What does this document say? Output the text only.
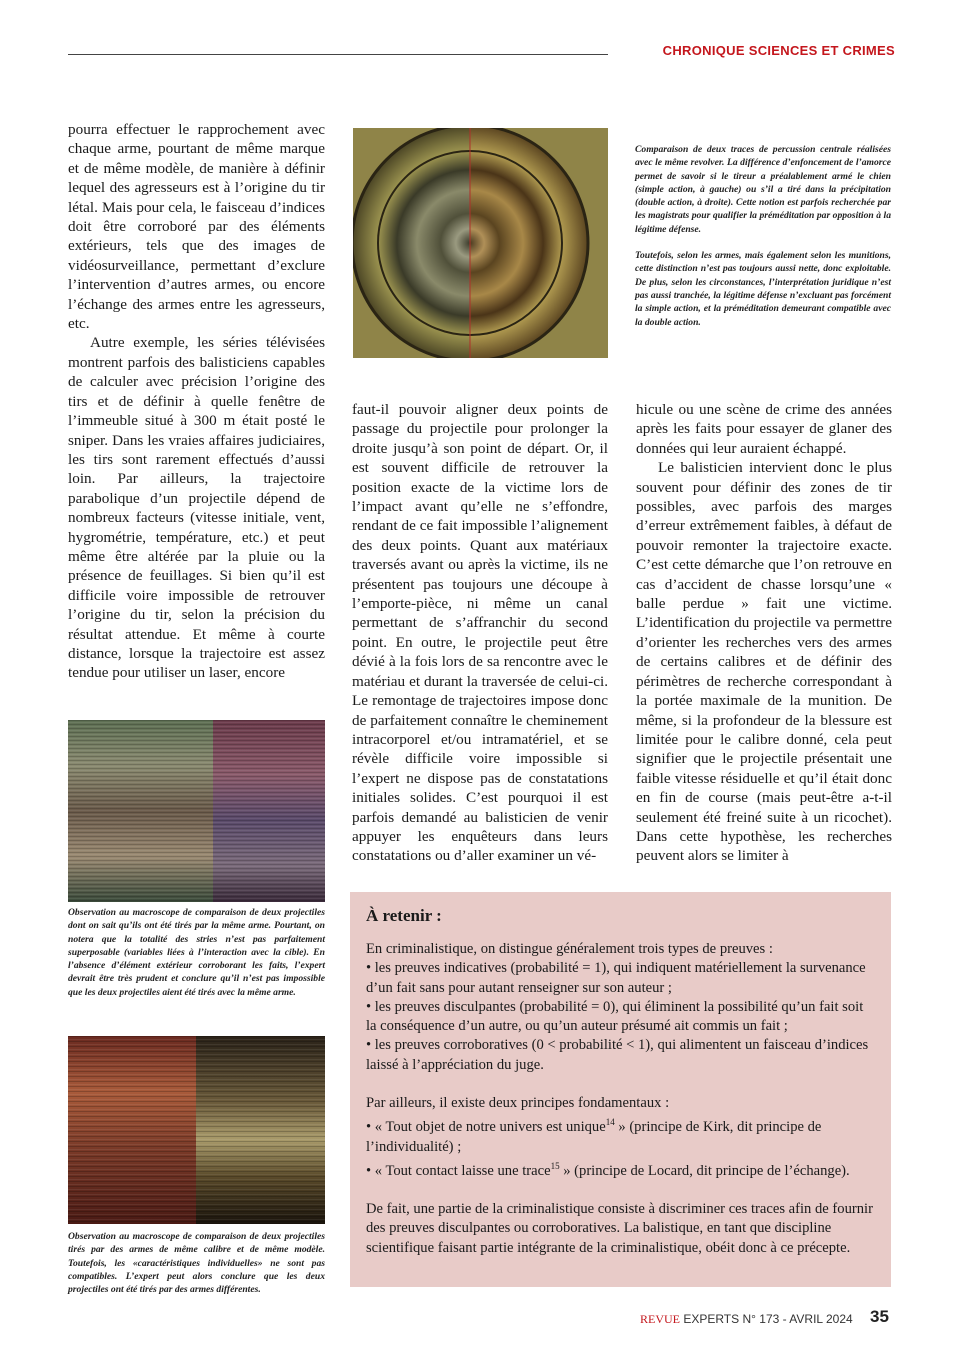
CHRONIQUE SCIENCES ET CRIMES

pourra effectuer le rapprochement avec chaque arme, pourtant de même marque et de même modèle, de manière à définir lequel des agresseurs est à l’origine du tir létal. Mais pour cela, le faisceau d’indices doit être corroboré par des éléments extérieurs, tels que des images de vidéosurveillance, permettant d’exclure l’intervention d’autres armes, ou encore l’échange des armes entre les agresseurs, etc.

Autre exemple, les séries télévisées montrent parfois des balisticiens capables de calculer avec précision l’origine des tirs et de définir à quelle fenêtre de l’immeuble situé à 300 m était posté le sniper. Dans les vraies affaires judiciaires, les tirs sont rarement effectués d’aussi loin. Par ailleurs, la trajectoire parabolique d’un projectile dépend de nombreux facteurs (vitesse initiale, vent, hygrométrie, température, etc.) et peut même être altérée par la pluie ou la présence de feuillages. Si bien qu’il est difficile voire impossible de retrouver l’origine du tir, selon la précision du résultat attendue. Et même à courte distance, lorsque la trajectoire est assez tendue pour utiliser un laser, encore

Comparaison de deux traces de percussion centrale réalisées avec le même revolver. La différence d’enfoncement de l’amorce permet de savoir si le tireur a préalablement armé le chien (simple action, à gauche) ou s’il a tiré dans la précipitation (double action, à droite). Cette notion est parfois recherchée par les magistrats pour qualifier la préméditation par opposition à la légitime défense.

Toutefois, selon les armes, mais également selon les munitions, cette distinction n’est pas toujours aussi nette, donc exploitable. De plus, selon les circonstances, l’interprétation juridique n’est pas aussi tranchée, la légitime défense n’excluant pas forcément la simple action, et la préméditation demeurant compatible avec la double action.

faut-il pouvoir aligner deux points de passage du projectile pour prolonger la droite jusqu’à son point de départ. Or, il est souvent difficile de retrouver la position exacte de la victime lors de l’impact avant qu’elle ne s’effondre, rendant de ce fait impossible l’alignement des deux points. Quant aux matériaux traversés avant ou après la victime, ils ne présentent pas toujours une découpe à l’emporte-pièce, ni même un canal permettant de s’affranchir du second point. En outre, le projectile peut être dévié à la fois lors de sa rencontre avec le matériau et durant la traversée de celui-ci. Le remontage de trajectoires impose donc de parfaitement connaître le cheminement intracorporel et/ou intramatériel, et se révèle difficile voire impossible si l’expert ne dispose pas de constatations initiales solides. C’est pourquoi il est parfois demandé au balisticien de venir appuyer les enquêteurs dans leurs constatations ou d’aller examiner un vé-

hicule ou une scène de crime des années après les faits pour essayer de glaner des données qui leur auraient échappé.

Le balisticien intervient donc le plus souvent pour définir des zones de tir possibles, avec parfois des marges d’erreur extrêmement faibles, à défaut de pouvoir remonter la trajectoire exacte. C’est cette démarche que l’on retrouve en cas d’accident de chasse lorsqu’une « balle perdue » fait une victime. L’identification du projectile va permettre d’orienter les recherches vers des armes de certains calibres et de définir des périmètres de recherche correspondant à la portée maximale de la munition. De même, si la profondeur de la blessure est limitée pour le calibre donné, cela peut signifier que le projectile présentait une faible vitesse résiduelle et qu’il était donc en fin de course (mais peut-être a-t-il seulement été freiné suite à un ricochet). Dans cette hypothèse, les recherches peuvent alors se limiter à

Observation au macroscope de comparaison de deux projectiles dont on sait qu’ils ont été tirés par la même arme. Pourtant, on notera que la totalité des stries n’est pas parfaitement superposable (variables liées à l’interaction avec la cible). En l’absence d’élément extérieur corroborant les faits, l’expert devrait être très prudent et conclure qu’il n’est pas impossible que les deux projectiles aient été tirés avec la même arme.

Observation au macroscope de comparaison de deux projectiles tirés par des armes de même calibre et de même modèle. Toutefois, les «caractéristiques individuelles» ne sont pas compatibles. L’expert peut alors conclure que les deux projectiles ont été tirés par des armes différentes.

À retenir :

En criminalistique, on distingue généralement trois types de preuves :

• les preuves indicatives (probabilité = 1), qui indiquent matériellement la survenance d’un fait sans pour autant renseigner sur son auteur ;

• les preuves disculpantes (probabilité = 0), qui éliminent la possibilité qu’un fait soit la conséquence d’un autre, ou qu’un auteur présumé ait commis un fait ;

• les preuves corroboratives (0 < probabilité < 1), qui alimentent un faisceau d’indices laissé à l’appréciation du juge.

Par ailleurs, il existe deux principes fondamentaux :

• « Tout objet de notre univers est unique$^{14}$ » (principe de Kirk, dit principe de l’individualité) ;

• « Tout contact laisse une trace$^{15}$ » (principe de Locard, dit principe de l’échange).

De fait, une partie de la criminalistique consiste à discriminer ces traces afin de fournir des preuves disculpantes ou corroboratives. La balistique, en tant que discipline scientifique faisant partie intégrante de la criminalistique, obéit donc à ce précepte.

REVUE EXPERTS N° 173 - AVRIL 2024 35
